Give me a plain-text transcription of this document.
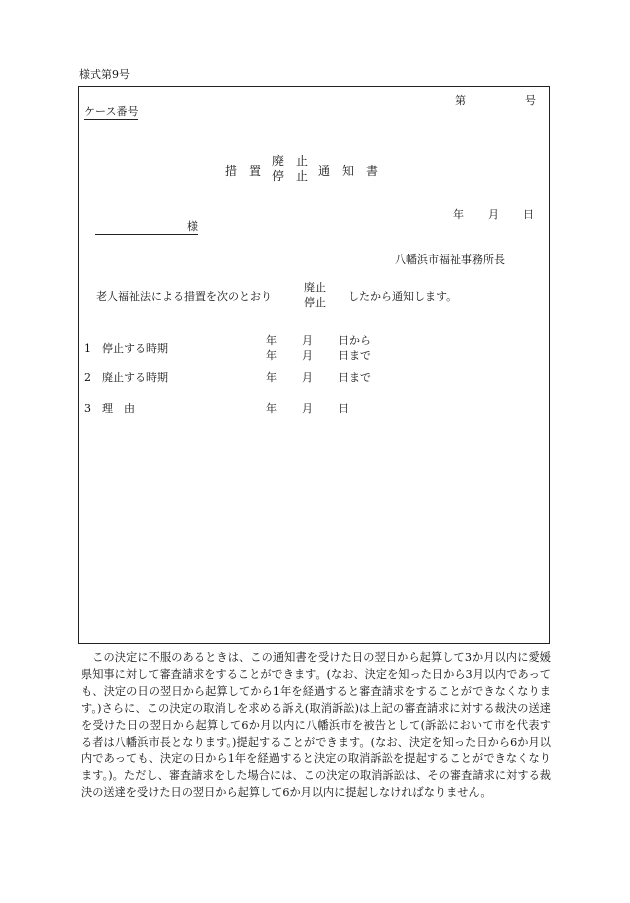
様式第9号
第	号
ケース番号
措　置
廃　止
停　止 通　知　書
年 月 日
様
八幡浜市福祉事務所長
老人福祉法による措置を次のとおり
廃止
停止 したから通知します。
1　停止する時期
年 月 日から
年 月 日まで
2　廃止する時期	年 月 日まで
3　理　由	年 月 日

この決定に不服のあるときは、この通知書を受けた日の翌日から起算して3か月以内に愛媛県知事に対して審査請求をすることができます。(なお、決定を知った日から3月以内であっても、決定の日の翌日から起算してから1年を経過すると審査請求をすることができなくなります。)さらに、この決定の取消しを求める訴え(取消訴訟)は上記の審査請求に対する裁決の送達を受けた日の翌日から起算して6か月以内に八幡浜市を被告として(訴訟において市を代表する者は八幡浜市長となります。)提起することができます。(なお、決定を知った日から6か月以内であっても、決定の日から1年を経過すると決定の取消訴訟を提起することができなくなります。)。ただし、審査請求をした場合には、この決定の取消訴訟は、その審査請求に対する裁決の送達を受けた日の翌日から起算して6か月以内に提起しなければなりません。
